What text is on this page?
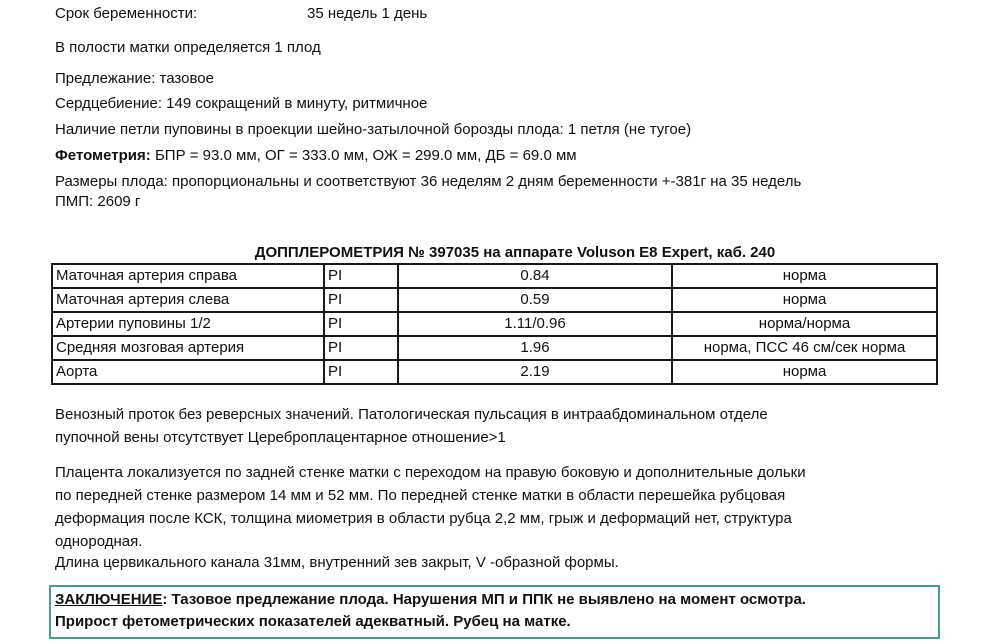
Срок беременности:	35 недель 1 день
В полости матки определяется 1 плод
Предлежание: тазовое
Сердцебиение: 149 сокращений в минуту, ритмичное
Наличие петли пуповины в проекции шейно-затылочной борозды плода: 1 петля (не тугое)
Фетометрия: БПР = 93.0 мм, ОГ = 333.0 мм, ОЖ = 299.0 мм, ДБ = 69.0 мм
Размеры плода: пропорциональны и соответствуют 36 неделям 2 дням беременности +-381г на 35 недель
ПМП: 2609 г
ДОППЛЕРОМЕТРИЯ № 397035 на аппарате Voluson E8 Expert, каб. 240
Маточная артерия справа	PI	0.84	норма
Маточная артерия слева	PI	0.59	норма
Артерии пуповины 1/2	PI	1.11/0.96	норма/норма
Средняя мозговая артерия	PI	1.96	норма, ПСС 46 см/сек норма
Аорта	PI	2.19	норма
Венозный проток без реверсных значений. Патологическая пульсация в интраабдоминальном отделе
пупочной вены отсутствует Цереброплацентарное отношение>1
Плацента локализуется по задней стенке матки с переходом на правую боковую и дополнительные дольки
по передней стенке размером 14 мм и 52 мм. По передней стенке матки в области перешейка рубцовая
деформация после КСК, толщина миометрия в области рубца 2,2 мм, грыж и деформаций нет, структура
однородная.
Длина цервикального канала 31мм, внутренний зев закрыт, V -образной формы.
ЗАКЛЮЧЕНИЕ: Тазовое предлежание плода. Нарушения МП и ППК не выявлено на момент осмотра.
Прирост фетометрических показателей адекватный. Рубец на матке.
